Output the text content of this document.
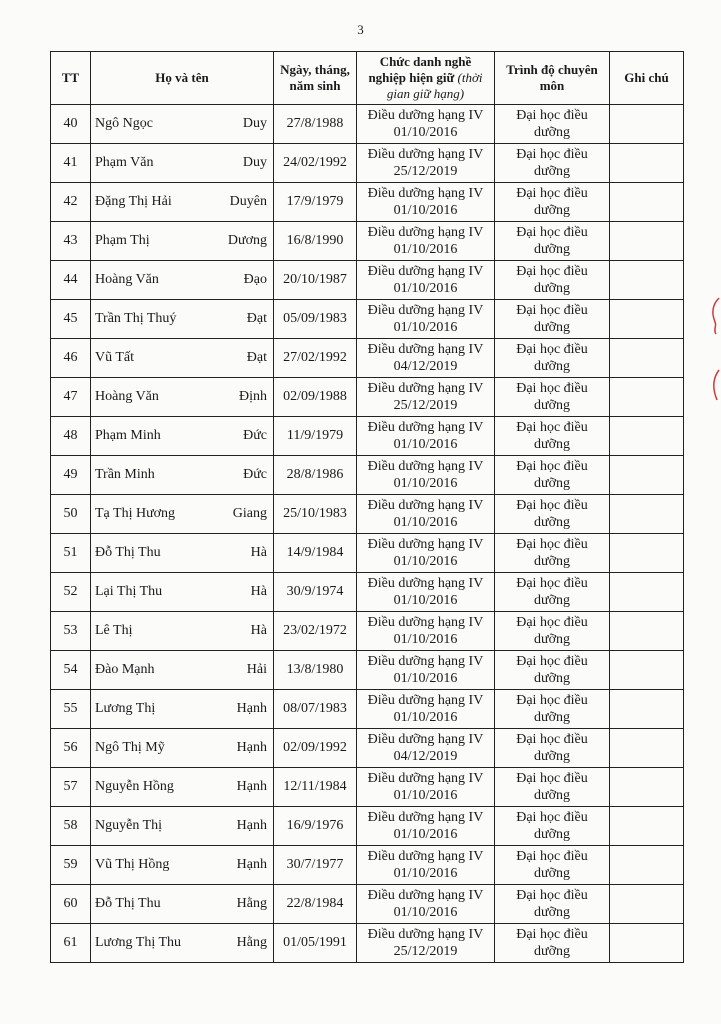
3
TT	Họ và tên	Ngày, tháng,
năm sinh	Chức danh nghề
nghiệp hiện giữ (thời
gian giữ hạng)	Trình độ chuyên
môn	Ghi chú
40	Ngô Ngọc Duy	27/8/1988	Điều dưỡng hạng IV
01/10/2016	Đại học điều
dưỡng	
41	Phạm Văn Duy	24/02/1992	Điều dưỡng hạng IV
25/12/2019	Đại học điều
dưỡng	
42	Đặng Thị Hải Duyên	17/9/1979	Điều dưỡng hạng IV
01/10/2016	Đại học điều
dưỡng	
43	Phạm Thị Dương	16/8/1990	Điều dưỡng hạng IV
01/10/2016	Đại học điều
dưỡng	
44	Hoàng Văn Đạo	20/10/1987	Điều dưỡng hạng IV
01/10/2016	Đại học điều
dưỡng	
45	Trần Thị Thuý Đạt	05/09/1983	Điều dưỡng hạng IV
01/10/2016	Đại học điều
dưỡng	
46	Vũ Tất Đạt	27/02/1992	Điều dưỡng hạng IV
04/12/2019	Đại học điều
dưỡng	
47	Hoàng Văn Định	02/09/1988	Điều dưỡng hạng IV
25/12/2019	Đại học điều
dưỡng	
48	Phạm Minh Đức	11/9/1979	Điều dưỡng hạng IV
01/10/2016	Đại học điều
dưỡng	
49	Trần Minh Đức	28/8/1986	Điều dưỡng hạng IV
01/10/2016	Đại học điều
dưỡng	
50	Tạ Thị Hương Giang	25/10/1983	Điều dưỡng hạng IV
01/10/2016	Đại học điều
dưỡng	
51	Đỗ Thị Thu Hà	14/9/1984	Điều dưỡng hạng IV
01/10/2016	Đại học điều
dưỡng	
52	Lại Thị Thu Hà	30/9/1974	Điều dưỡng hạng IV
01/10/2016	Đại học điều
dưỡng	
53	Lê Thị Hà	23/02/1972	Điều dưỡng hạng IV
01/10/2016	Đại học điều
dưỡng	
54	Đào Mạnh Hải	13/8/1980	Điều dưỡng hạng IV
01/10/2016	Đại học điều
dưỡng	
55	Lương Thị Hạnh	08/07/1983	Điều dưỡng hạng IV
01/10/2016	Đại học điều
dưỡng	
56	Ngô Thị Mỹ Hạnh	02/09/1992	Điều dưỡng hạng IV
04/12/2019	Đại học điều
dưỡng	
57	Nguyễn Hồng Hạnh	12/11/1984	Điều dưỡng hạng IV
01/10/2016	Đại học điều
dưỡng	
58	Nguyễn Thị Hạnh	16/9/1976	Điều dưỡng hạng IV
01/10/2016	Đại học điều
dưỡng	
59	Vũ Thị Hồng Hạnh	30/7/1977	Điều dưỡng hạng IV
01/10/2016	Đại học điều
dưỡng	
60	Đỗ Thị Thu Hằng	22/8/1984	Điều dưỡng hạng IV
01/10/2016	Đại học điều
dưỡng	
61	Lương Thị Thu Hằng	01/05/1991	Điều dưỡng hạng IV
25/12/2019	Đại học điều
dưỡng	
